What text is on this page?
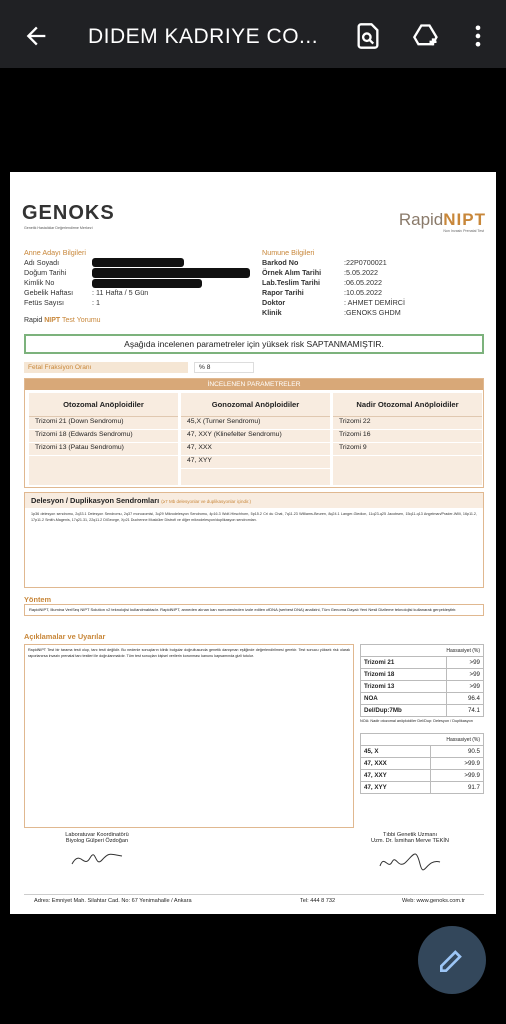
DIDEM KADRIYE CO...
GENOKS
Genetik Hastalıklar Değerlendirme Merkezi	RapidNIPT
Non Invasiv Prenatal Test
Anne Adayı Bilgileri
Adı Soyadı
Doğum Tarihi
Kimlik No
Gebelik Haftası	: 11 Hafta / 5 Gün
Fetüs Sayısı	: 1
Numune Bilgileri
Barkod No	:22P0700021
Örnek Alım Tarihi	:5.05.2022
Lab.Teslim Tarihi	:06.05.2022
Rapor Tarihi	:10.05.2022
Doktor	: AHMET DEMİRCİ
Klinik	:GENOKS GHDM
Rapid NIPT Test Yorumu
Aşağıda incelenen parametreler için yüksek risk SAPTANMAMIŞTIR.
Fetal Fraksiyon Oranı	% 8
İNCELENEN PARAMETRELER
Otozomal Anöploidiler
Trizomi 21 (Down Sendromu)
Trizomi 18 (Edwards Sendromu)
Trizomi 13 (Patau Sendromu)
Gonozomal Anöploidiler
45,X (Turner Sendromu)
47, XXY (Klinefelter Sendromu)
47, XXX
47, XYY
Nadir Otozomal Anöploidiler
Trizomi 22
Trizomi 16
Trizomi 9
Delesyon / Duplikasyon Sendromları (≥7 Mb delesyonlar ve duplikasyonlar içindir.)
1p36 delesyon sendromu, 2q33.1 Delesyon Sendromu, 2q37 monozomisi, 3q29 Mikrodelesyon Sendromu, 4p16.3 Wolf-Hirschhorn, 5p15.2 Cri du Chat, 7q11.23 Williams-Beuren, 8q24.1 Langer-Giedion, 11q23-q25 Jacobsen, 15q11-q13 Angelman/Prader-Willi, 16p11.2, 17p11.2 Smith-Magenis, 17q21.31, 22q11.2 DiGeorge, Xp21 Duchenne Musküler Distrofi ve diğer mikrodelesyon/duplikasyon sendromları.
Yöntem
RapidNIPT, Illumina VeriSeq NIPT Solution v2 teknolojisi kullanılmaktadır. RapidNIPT, anneden alınan kan numunesinden izole edilen cfDNA (serbest DNA) analizini, Tüm Genoma Dayalı Yeni Nesil Dizileme teknolojisi kullanarak gerçekleştirir.
Açıklamalar ve Uyarılar
RapidNIPT Test bir tarama testi olup, tanı testi değildir. Bu nedenle sonuçların klinik bulgular doğrultusunda genetik danışman eşliğinde değerlendirilmesi gerekir. Test sonucu yüksek risk olarak raporlanırsa invaziv prenatal tanı testleri ile doğrulanmalıdır. Tüm test sonuçları kişisel verilerin korunması kanunu kapsamında gizli tutulur.
Hassasiyet (%)	
Trizomi 21	>99
Trizomi 18	>99
Trizomi 13	>99
NOA	96.4
Del/Dup:7Mb	74.1
NOA: Nadir otozomal anöploidiler Del/Dup: Delesyon / Duplikasyon
Hassasiyet (%)	
45, X	90.5
47, XXX	>99.9
47, XXY	>99.9
47, XYY	91.7
Laboratuvar Koordinatörü
Biyolog Gülperi Özdoğan
Tıbbi Genetik Uzmanı
Uzm. Dr. İsmihan Merve TEKİN
Adres: Emniyet Mah. Silahtar Cad. No: 67 Yenimahalle / Ankara	Tel: 444 8 732	Web: www.genoks.com.tr
